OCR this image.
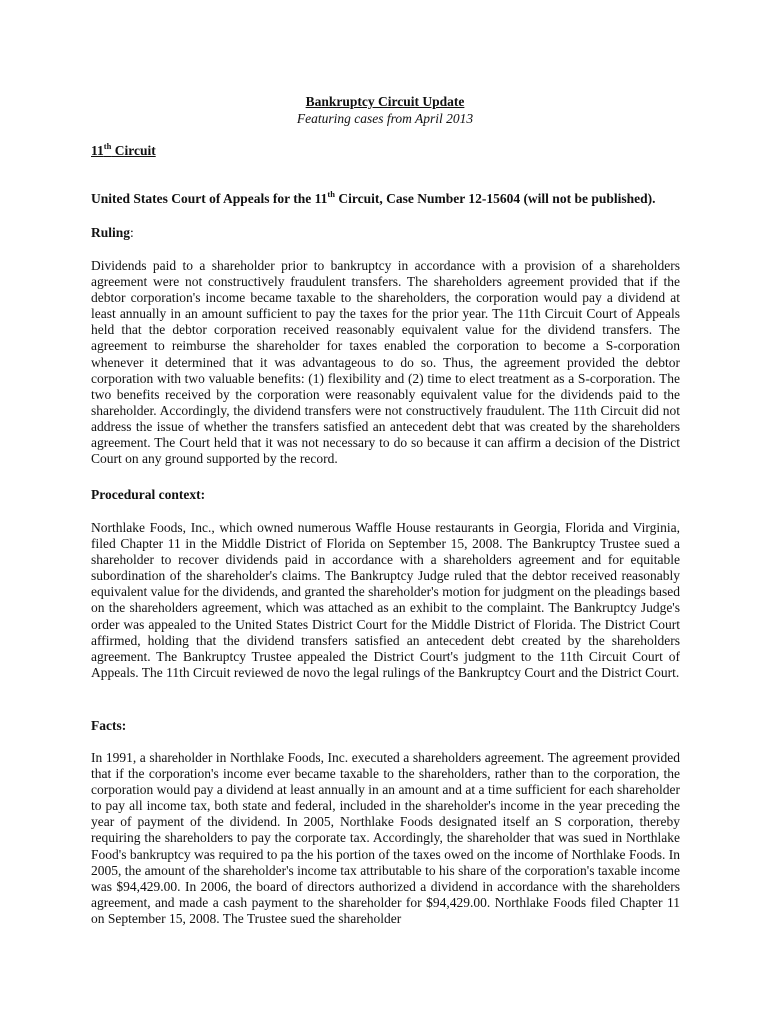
Bankruptcy Circuit Update
Featuring cases from April 2013
11th Circuit
United States Court of Appeals for the 11th Circuit, Case Number 12-15604 (will not be published).
Ruling:

Dividends paid to a shareholder prior to bankruptcy in accordance with a provision of a shareholders agreement were not constructively fraudulent transfers. The shareholders agreement provided that if the debtor corporation's income became taxable to the shareholders, the corporation would pay a dividend at least annually in an amount sufficient to pay the taxes for the prior year. The 11th Circuit Court of Appeals held that the debtor corporation received reasonably equivalent value for the dividend transfers. The agreement to reimburse the shareholder for taxes enabled the corporation to become a S-corporation whenever it determined that it was advantageous to do so. Thus, the agreement provided the debtor corporation with two valuable benefits: (1) flexibility and (2) time to elect treatment as a S-corporation. The two benefits received by the corporation were reasonably equivalent value for the dividends paid to the shareholder. Accordingly, the dividend transfers were not constructively fraudulent. The 11th Circuit did not address the issue of whether the transfers satisfied an antecedent debt that was created by the shareholders agreement. The Court held that it was not necessary to do so because it can affirm a decision of the District Court on any ground supported by the record.

Procedural context:

Northlake Foods, Inc., which owned numerous Waffle House restaurants in Georgia, Florida and Virginia, filed Chapter 11 in the Middle District of Florida on September 15, 2008. The Bankruptcy Trustee sued a shareholder to recover dividends paid in accordance with a shareholders agreement and for equitable subordination of the shareholder's claims. The Bankruptcy Judge ruled that the debtor received reasonably equivalent value for the dividends, and granted the shareholder's motion for judgment on the pleadings based on the shareholders agreement, which was attached as an exhibit to the complaint. The Bankruptcy Judge's order was appealed to the United States District Court for the Middle District of Florida. The District Court affirmed, holding that the dividend transfers satisfied an antecedent debt created by the shareholders agreement. The Bankruptcy Trustee appealed the District Court's judgment to the 11th Circuit Court of Appeals. The 11th Circuit reviewed de novo the legal rulings of the Bankruptcy Court and the District Court.

Facts:

In 1991, a shareholder in Northlake Foods, Inc. executed a shareholders agreement. The agreement provided that if the corporation's income ever became taxable to the shareholders, rather than to the corporation, the corporation would pay a dividend at least annually in an amount and at a time sufficient for each shareholder to pay all income tax, both state and federal, included in the shareholder's income in the year preceding the year of payment of the dividend. In 2005, Northlake Foods designated itself an S corporation, thereby requiring the shareholders to pay the corporate tax. Accordingly, the shareholder that was sued in Northlake Food's bankruptcy was required to pa the his portion of the taxes owed on the income of Northlake Foods. In 2005, the amount of the shareholder's income tax attributable to his share of the corporation's taxable income was $94,429.00. In 2006, the board of directors authorized a dividend in accordance with the shareholders agreement, and made a cash payment to the shareholder for $94,429.00. Northlake Foods filed Chapter 11 on September 15, 2008. The Trustee sued the shareholder
